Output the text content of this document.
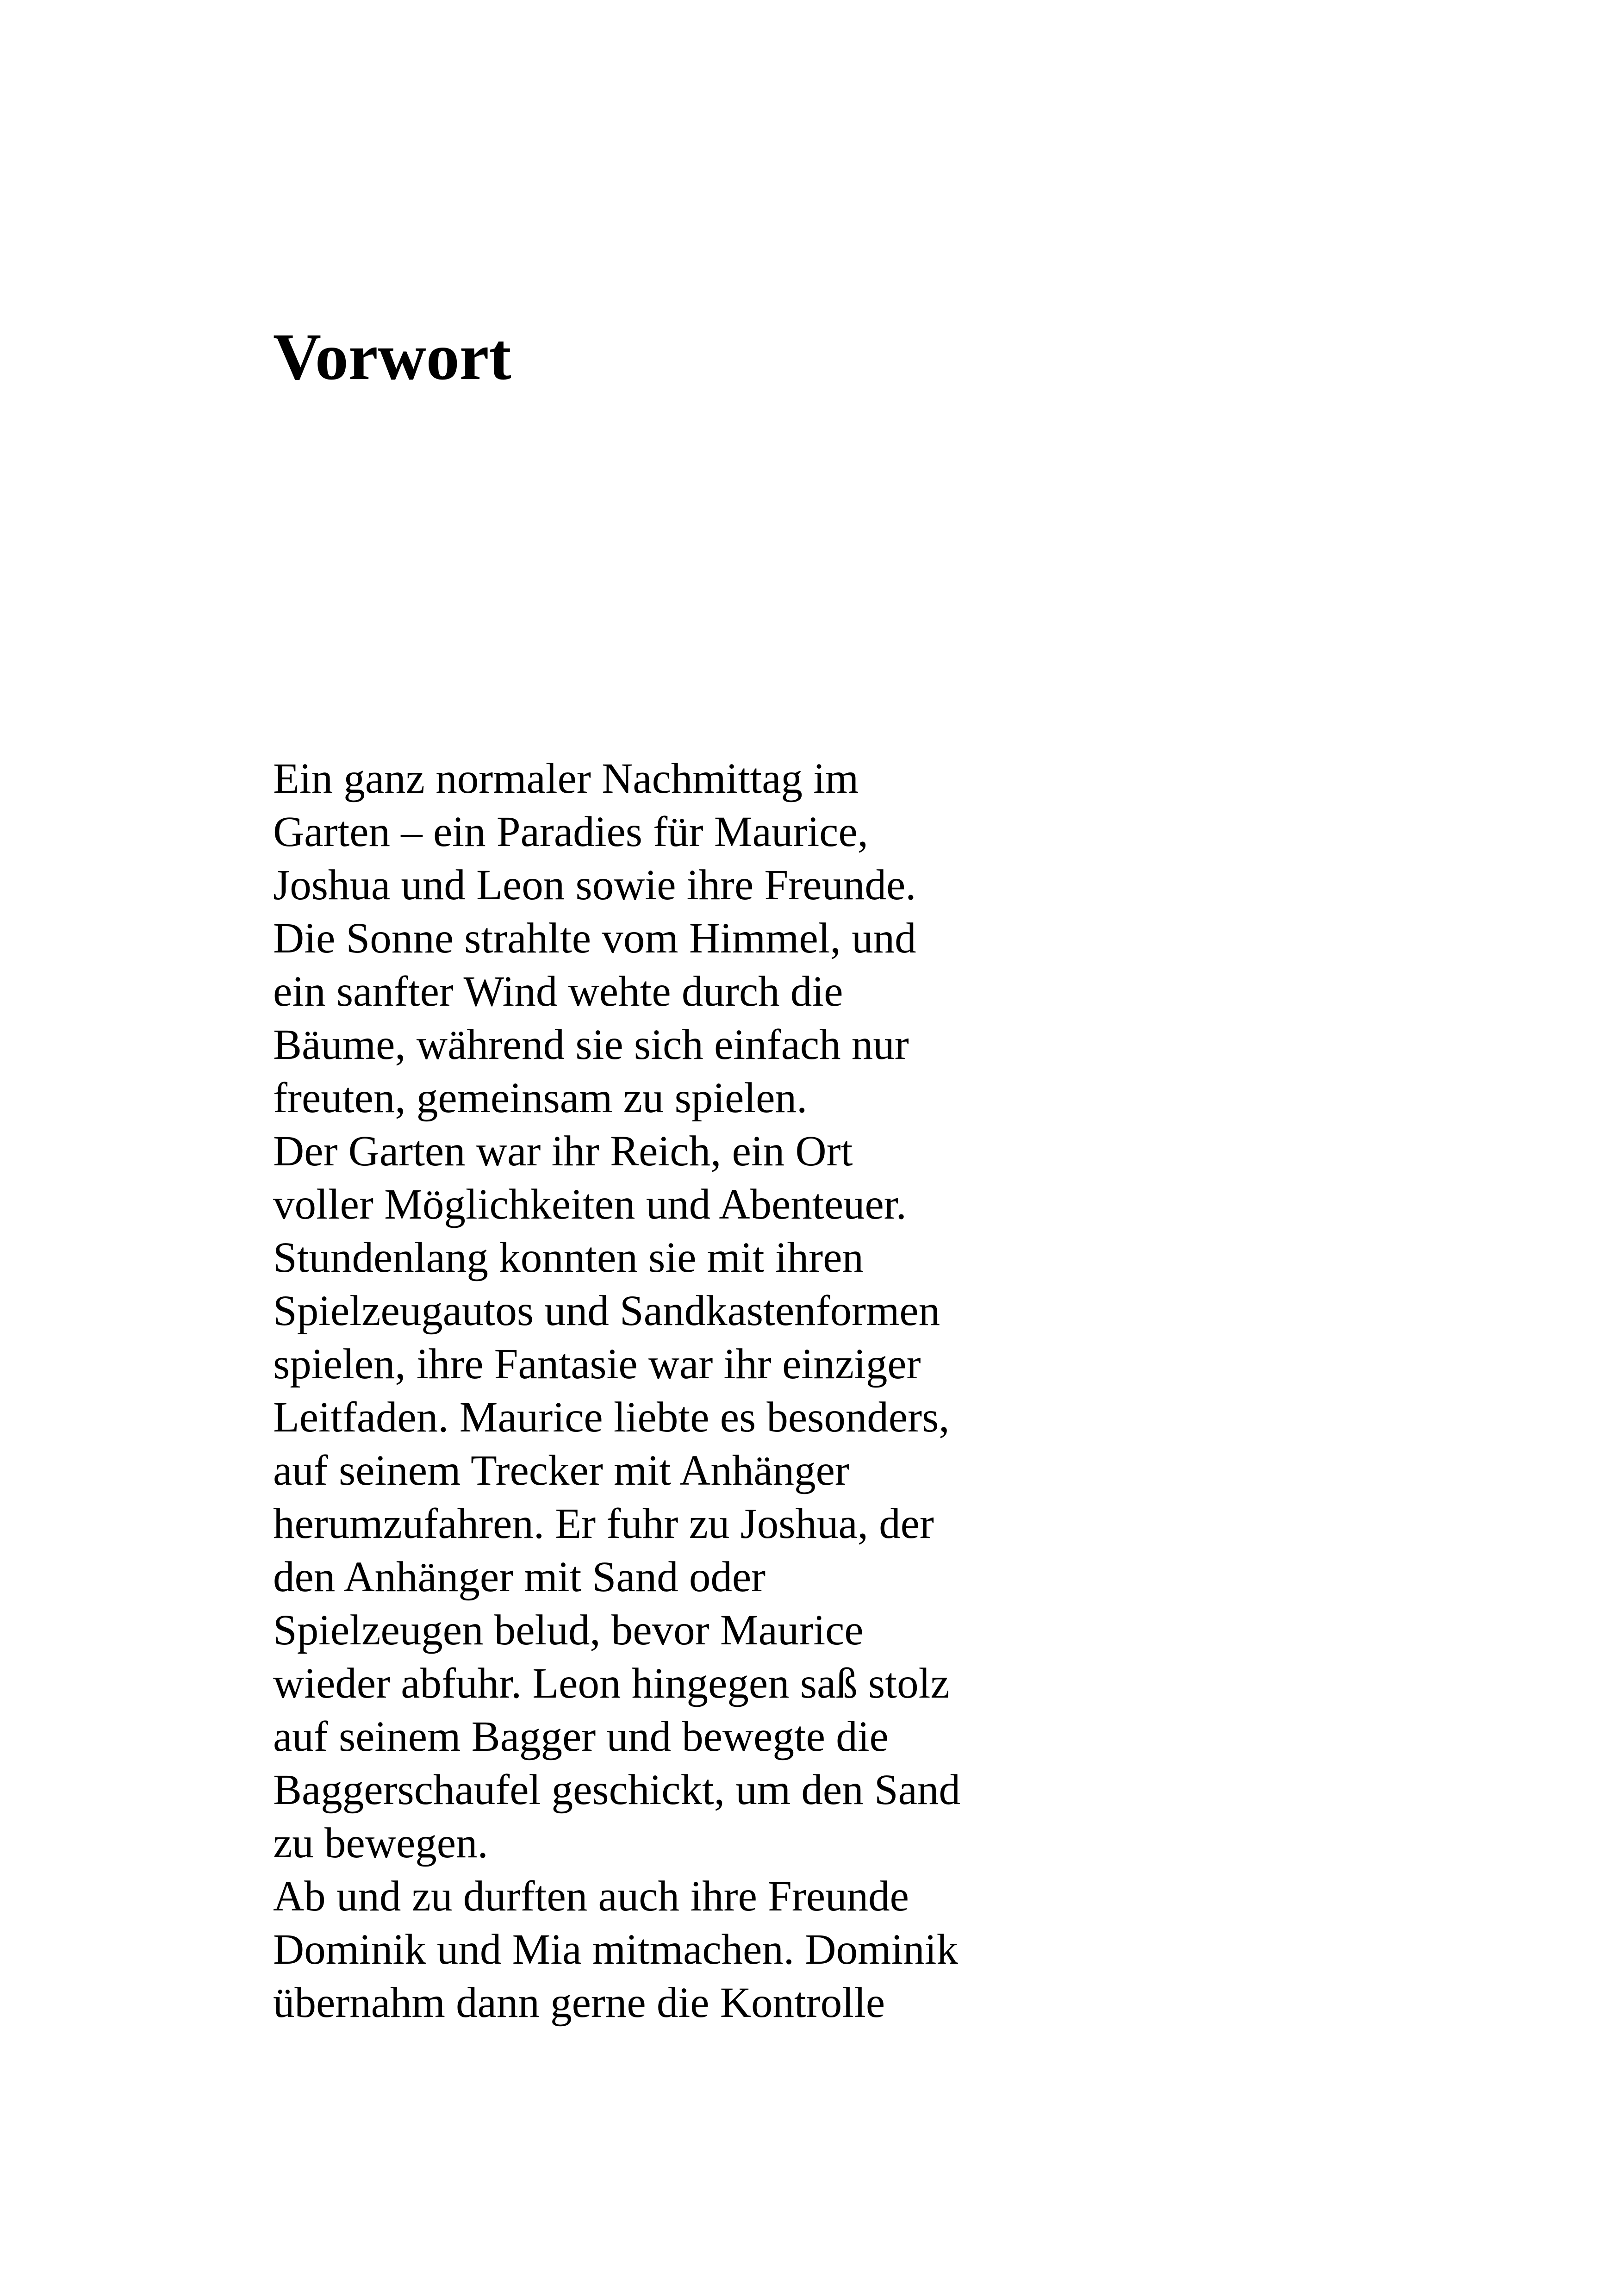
Vorwort
Ein ganz normaler Nachmittag im
Garten – ein Paradies für Maurice,
Joshua und Leon sowie ihre Freunde.
Die Sonne strahlte vom Himmel, und
ein sanfter Wind wehte durch die
Bäume, während sie sich einfach nur
freuten, gemeinsam zu spielen.
Der Garten war ihr Reich, ein Ort
voller Möglichkeiten und Abenteuer.
Stundenlang konnten sie mit ihren
Spielzeugautos und Sandkastenformen
spielen, ihre Fantasie war ihr einziger
Leitfaden. Maurice liebte es besonders,
auf seinem Trecker mit Anhänger
herumzufahren. Er fuhr zu Joshua, der
den Anhänger mit Sand oder
Spielzeugen belud, bevor Maurice
wieder abfuhr. Leon hingegen saß stolz
auf seinem Bagger und bewegte die
Baggerschaufel geschickt, um den Sand
zu bewegen.
Ab und zu durften auch ihre Freunde
Dominik und Mia mitmachen. Dominik
übernahm dann gerne die Kontrolle
